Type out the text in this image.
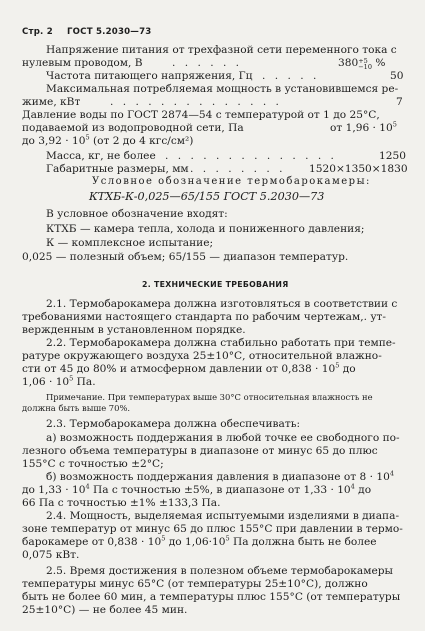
Стр. 2 ГОСТ 5.2030—73
Напряжение питания от трехфазной сети переменного тока с
нулевым проводом, В	. . . . . .	380+5
−10 %
Частота питающего напряжения, Гц . . . . .	50
Максимальная потребляемая мощность в установившемся ре-
жиме, кВт	. . . . . . . . . . . . . .	7
Давление воды по ГОСТ 2874—54 с температурой от 1 до 25°С,
подаваемой из водопроводной сети, Па	от $1,96 \cdot 10^5$
до $3,92 \cdot 10^5$ (от 2 до 4 кгс/см²)
Масса, кг, не более . . . . . . . . . . . . . .	1250
Габаритные размеры, мм . . . . . . . . 1520×1350×1830
Условное обозначение термобарокамеры:
КТХБ-К-0,025—65/155 ГОСТ 5.2030—73
В условное обозначение входят:
КТХБ — камера тепла, холода и пониженного давления;
К — комплексное испытание;
0,025 — полезный объем; 65/155 — диапазон температур.
2. ТЕХНИЧЕСКИЕ ТРЕБОВАНИЯ
2.1. Термобарокамера должна изготовляться в соответствии с
требованиями настоящего стандарта по рабочим чертежам,. ут-
вержденным в установленном порядке.
2.2. Термобарокамера должна стабильно работать при темпе-
ратуре окружающего воздуха 25±10°С, относительной влажно-
сти от 45 до 80% и атмосферном давлении от $0,838 \cdot 10^5$ до
$1,06 \cdot 10^5$ Па.
Примечание. При температурах выше 30°С относительная влажность не
должна быть выше 70%.
2.3. Термобарокамера должна обеспечивать:
а) возможность поддержания в любой точке ее свободного по-
лезного объема температуры в диапазоне от минус 65 до плюс
155°С с точностью ±2°С;
б) возможность поддержания давления в диапазоне от $8 \cdot 10^4$
до $1,33 \cdot 10^4$ Па с точностью ±5%, в диапазоне от $1,33 \cdot 10^4$ до
66 Па с точностью ±1% ±133,3 Па.
2.4. Мощность, выделяемая испытуемыми изделиями в диапа-
зоне температур от минус 65 до плюс 155°С при давлении в термо-
барокамере от $0,838 \cdot 10^5$ до $1,06\cdot 10^5$ Па должна быть не более
0,075 кВт.
2.5. Время достижения в полезном объеме термобарокамеры
температуры минус 65°С (от температуры 25±10°С), должно
быть не более 60 мин, а температуры плюс 155°С (от температуры
25±10°С) — не более 45 мин.
